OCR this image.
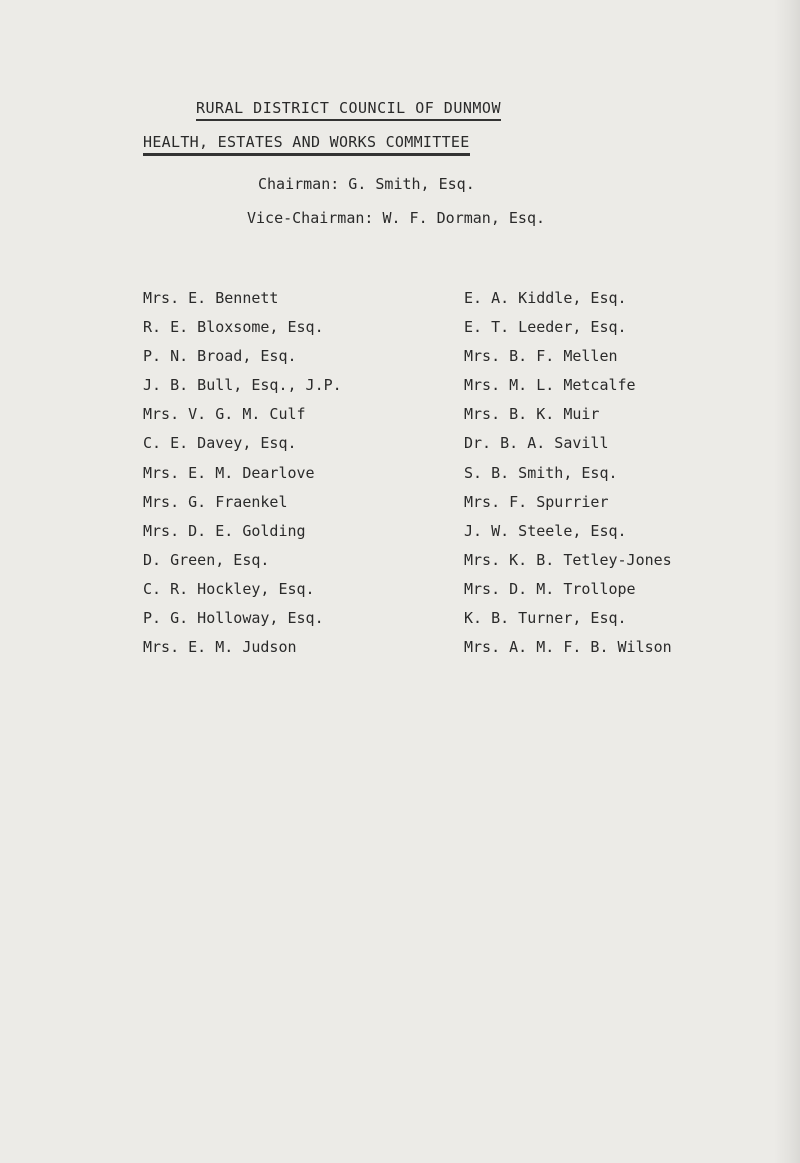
RURAL DISTRICT COUNCIL OF DUNMOW
HEALTH, ESTATES AND WORKS COMMITTEE
Chairman: G. Smith, Esq.
Vice-Chairman: W. F. Dorman, Esq.
Mrs. E. Bennett
R. E. Bloxsome, Esq.
P. N. Broad, Esq.
J. B. Bull, Esq., J.P.
Mrs. V. G. M. Culf
C. E. Davey, Esq.
Mrs. E. M. Dearlove
Mrs. G. Fraenkel
Mrs. D. E. Golding
D. Green, Esq.
C. R. Hockley, Esq.
P. G. Holloway, Esq.
Mrs. E. M. Judson
E. A. Kiddle, Esq.
E. T. Leeder, Esq.
Mrs. B. F. Mellen
Mrs. M. L. Metcalfe
Mrs. B. K. Muir
Dr. B. A. Savill
S. B. Smith, Esq.
Mrs. F. Spurrier
J. W. Steele, Esq.
Mrs. K. B. Tetley-Jones
Mrs. D. M. Trollope
K. B. Turner, Esq.
Mrs. A. M. F. B. Wilson
